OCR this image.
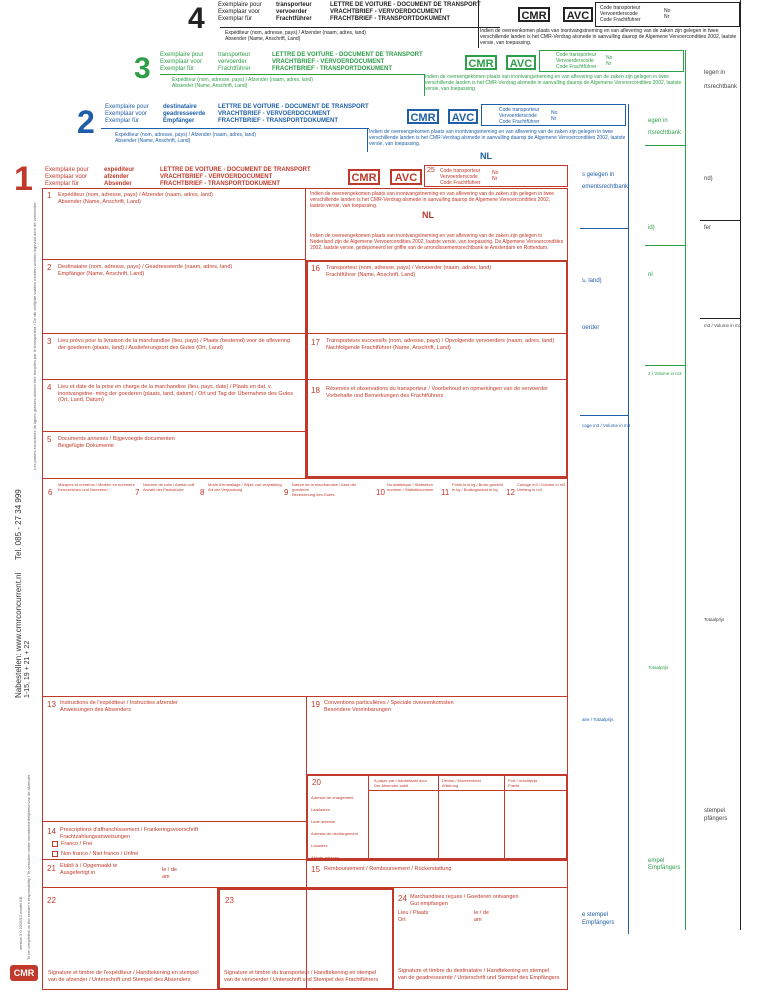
4 Exemplaire pour
Exemplaar voor
Exemplar für
transporteur
vervoerder
Frachtführer
LETTRE DE VOITURE - DOCUMENT DE TRANSPORT
VRACHTBRIEF - VERVOERDOCUMENT
FRACHTBRIEF - TRANSPORTDOKUMENT	CMR	AVC
Code transporteur
Vervoerderscode
Code Frachtführer
No
Nr
Expéditeur (nom, adresse, pays) / Afzender (naam, adres, land)
Absender (Name, Anschrift, Land)
Indien de overeenkomen plaats van inontvangstneming en van aflevering van de zaken zijn gelegen in twee verschillende landen is het CMR-Verdrag alsmede in aanvulling daarop de Algemene Vervoercondities 2002, laatste versie, van toepassing.
3 Exemplaire pour
Exemplaar voor
Exemplar für
transporteur
vervoerder
Frachtführer
LETTRE DE VOITURE - DOCUMENT DE TRANSPORT
VRACHTBRIEF - VERVOERDOCUMENT
FRACHTBRIEF - TRANSPORTDOKUMENT	CMR	AVC
Code transporteur
Vervoerderscode
Code Frachtführer
No
Nr
Expéditeur (nom, adresse, pays) / Afzender (naam, adres, land)
Absender (Name, Anschrift, Land)
Indien de overeengekomen plaats van inontvangstneming en van aflevering van de zaken zijn gelegen in twee verschillende landen is het CMR-Verdrag alsmede in aanvulling daarop de Algemene Vervoercondities 2002, laatste versie, van toepassing.
2 Exemplaire pour
Exemplaar voor
Exemplar für
destinataire
geadresseerde
Empfänger
LETTRE DE VOITURE - DOCUMENT DE TRANSPORT
VRACHTBRIEF - VERVOERDOCUMENT
FRACHTBRIEF - TRANSPORTDOKUMENT	CMR	AVC
Code transporteur
Vervoerderscode
Code Frachtführer
No
Nr
Expéditeur (nom, adresse, pays) / Afzender (naam, adres, land)
Absender (Name, Anschrift, Land)
Indien de overeengekomen plaats van inontvangstneming en van aflevering van de zaken zijn gelegen in twee verschillende landen is het CMR-Verdrag alsmede in aanvulling daarop de Algemene Vervoercondities 2002, laatste versie, van toepassing.
NL
legen in
rtsrechtbank
egen in
rtsrechtbank
s gelegen in
ementsrechtbank
nd)
fer
id)
s, land)
nl
oerder	m3 / Volume in m3
3 / Volume in m3
cage m3 / Volume in m3
Totaalprijs
Totaalprijs
aire / Totaalprijs
stempel
pfängers
empel
Empfängers
e stempel
Empfängers
1 Exemplaire pour
Exemplaar voor
Exemplar für
expéditeur
afzender
Absender
LETTRE DE VOITURE - DOCUMENT DE TRANSPORT
VRACHTBRIEF - VERVOERDOCUMENT
FRACHTBRIEF - TRANSPORTDOKUMENT	CMR	AVC
25 Code transporteur
Vervoerderscode
Code Frachtführer
No
Nr
1 Expéditeur (nom, adresse, pays) / Afzender (naam, adres, land)
Absender (Name, Anschrift, Land)
Indien de overeengekomen plaats van inontvangstneming en van aflevering van de zaken zijn gelegen in twee verschillende landen is het CMR-Verdrag alsmede in aanvulling daarop de Algemene Vervoercondities 2002, laatste versie, van toepassing.
NL
Indien de overeengekomen plaats van inontvangstneming en van aflevering van de zaken zijn gelegen in Nederland zijn de Algemene Vervoercondities 2002, laatste versie, van toepassing. De Algemene Vervoercondities 2002, laatste versie, gedeponeerd ter griffie van de arrondissementsrechtbank te Amsterdam en Rotterdam.
2 Destinataire (nom, adresse, pays) / Geadresseerde (naam, adres, land)
Empfänger (Name, Anschrift, Land)
3 Lieu prévu pour la livraison de la marchandise (lieu, pays) / Plaats (bestemd) voor de aflevering der goederen (plaats, land) / Auslieferungsort des Gutes (Ort, Land)
4 Lieu et date de la prise en charge de la marchandise (lieu, pays, date) / Plaats en dat. v. inontvangstne- ming der goederen (plaats, land, datum) / Ort und Tag der Übernahme des Gutes (Ort, Land, Datum)
5 Documents annexés / Bijgevoegde documenten
Beigefügte Dokumente
16 Transporteur (nom, adresse, pays) / Vervoerder (naam, adres, land)
Frachtführer (Name, Anschrift, Land)
17 Transporteurs successifs (nom, adresse, pays) / Opvolgende vervoerders (naam, adres, land)
Nachfolgende Frachtführer (Name, Anschrift, Land)
18 Réserves et observations du transporteur / Voorbehoud en opmerkingen van de vervoerder
Vorbehalte und Bemerkungen des Frachtführers
6
Marques et numéros / Merken en nummers
Kennzeichen und Nummern	7
Nombre de colis / Aantal colli
Anzahl der Packstücke	8
Mode d'emballage / Wijze van verpakking
Art der Verpackung	9
Nature de la marchandise / Aard der goederen
Bezeichnung des Gutes	10
No statistique / Statistisch
nummer / Statistiknummer 11
Poids brut kg / Bruto gewicht
in kg / Bruttogewicht in kg	12
Cubage m3 / Volume in m3
Umfang in m3
13 Instructions de l'expéditeur / Instructies afzender
Anweisungen des Absenders
19 Conventions particulières / Speciale overeenkomsten
Besondere Vereinbarungen
20	A payer par / Aanbetaald door
Der Absender zahlt
Devise / Munteenheid
Währung
Port / Vrachtprijs
Fracht
Adresse de chargement
Laadadres
Lade adresse
Adresse de dechargement
Losadres
Ablade adresse
14 Prescriptions d'affranchissement / Frankeringsvoorschrift
Frachtzahlungsanweisungen
Franco / Frei
Non franco / Niet franco / Unfrei
15 Remboursement / Remboursement / Rückerstattung
21 Etabli à / Opgemaakt te
Ausgefertigt in	le / de
am
22
Signature et timbre de l'expéditeur / Handtekening en stempel
van de afzender / Unterschrift und Stempel des Absenders
23
Signature et timbre du transporteur / Handtekening en stempel
van de vervoerder / Unterschrift und Stempel des Frachtführers
24 Marchandises reçues / Goederen ontvangen
Gut empfangen
Lieu / Plaats
Ort
le / de
am
Signature et timbre du destinataire / Handtekening en stempel
van de geadresseerde / Unterschrift und Stempel des Empfängers
Tel. 085 - 27 34 999
Nabestellen: www.cmrconcurrent.nl 1-15, 19 + 21 + 22
Les parties encadrées de lignes grasses doivent être remplies par le transporteur / De dik omlijnde vakken moeten worden ingevuld door de vervoerder
To be completed on the sender's responsibility / Te vervullen onder verantwoordelijkheid van de afzender
version 3.0 2205/13 model AB
CMR
